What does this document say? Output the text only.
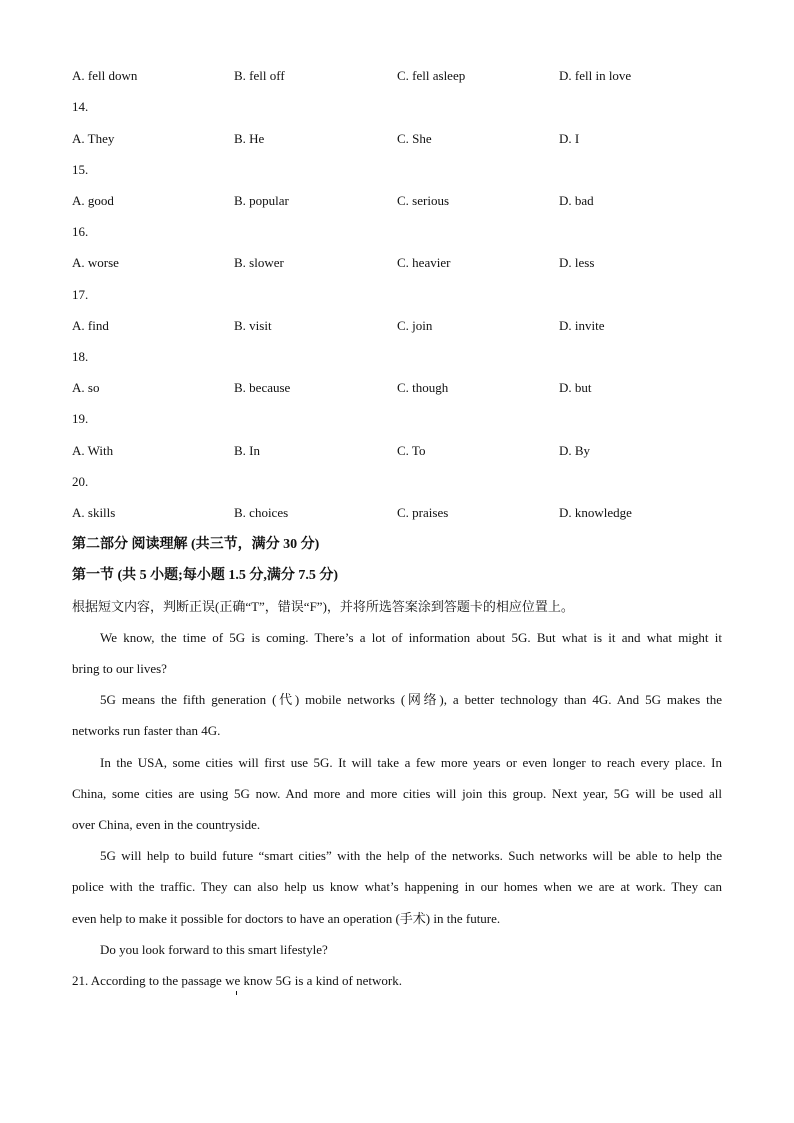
A. fell down	B. fell off	C. fell asleep	D. fell in love
14.
A. They	B. He	C. She	D. I
15.
A. good	B. popular	C. serious	D. bad
16.
A. worse	B. slower	C. heavier	D. less
17.
A. find	B. visit	C. join	D. invite
18.
A. so	B. because	C. though	D. but
19.
A. With	B. In	C. To	D. By
20.
A. skills	B. choices	C. praises	D. knowledge
第二部分 阅读理解 (共三节，满分 30 分)
第一节 (共 5 小题;每小题 1.5 分,满分 7.5 分)
根据短文内容，判断正误(正确“T”，错误“F”)，并将所选答案涂到答题卡的相应位置上。
We know, the time of 5G is coming. There’s a lot of information about 5G. But what is it and what might it
bring to our lives?
5G means the fifth generation (代) mobile networks (网络), a better technology than 4G. And 5G makes the
networks run faster than 4G.
In the USA, some cities will first use 5G. It will take a few more years or even longer to reach every place. In
China, some cities are using 5G now. And more and more cities will join this group. Next year, 5G will be used all
over China, even in the countryside.
5G will help to build future “smart cities” with the help of the networks. Such networks will be able to help the
police with the traffic. They can also help us know what’s happening in our homes when we are at work. They can
even help to make it possible for doctors to have an operation (手术) in the future.
Do you look forward to this smart lifestyle?
21. According to the passage we know 5G is a kind of network.
